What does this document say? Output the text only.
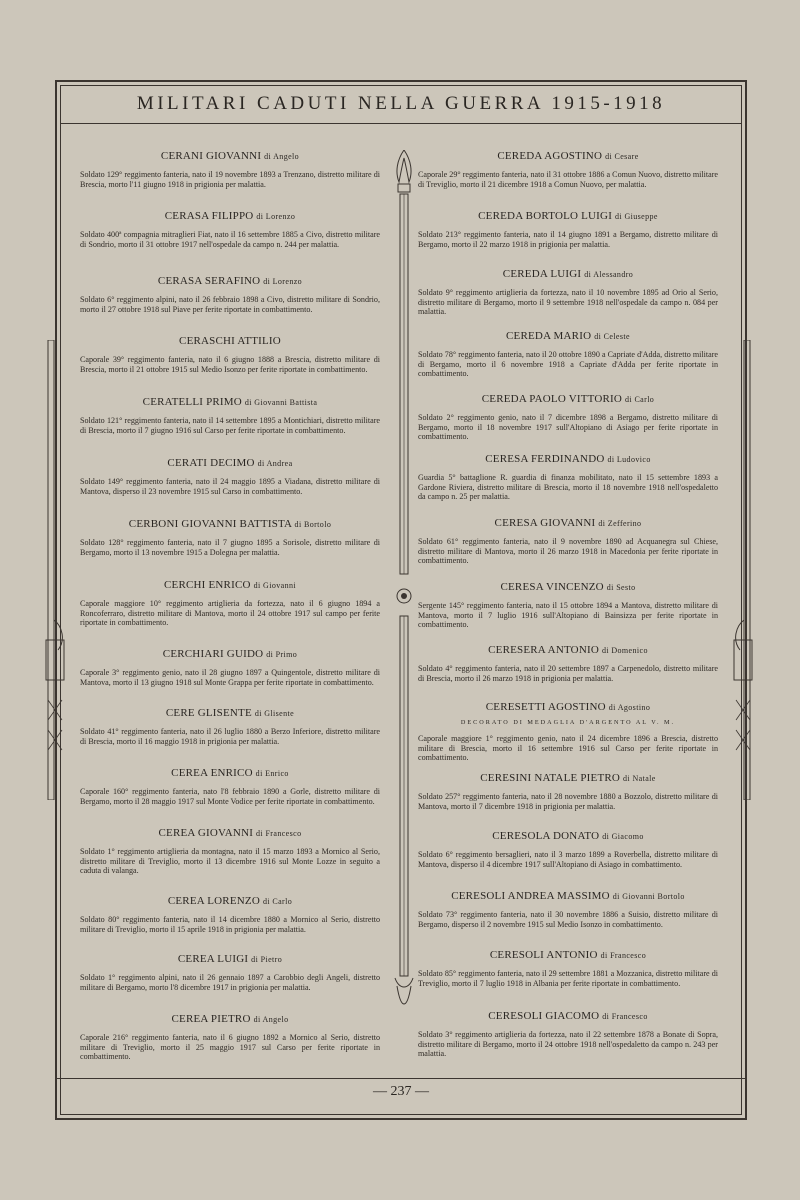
MILITARI CADUTI NELLA GUERRA 1915-1918
CERANI GIOVANNI di Angelo
Soldato 129° reggimento fanteria, nato il 19 novembre 1893 a Trenzano, distretto militare di Brescia, morto l'11 giugno 1918 in prigionia per malattia.
CERASA FILIPPO di Lorenzo
Soldato 400ª compagnia mitraglieri Fiat, nato il 16 settembre 1885 a Civo, distretto militare di Sondrio, morto il 31 ottobre 1917 nell'ospedale da campo n. 244 per malattia.
CERASA SERAFINO di Lorenzo
Soldato 6° reggimento alpini, nato il 26 febbraio 1898 a Civo, distretto militare di Sondrio, morto il 27 ottobre 1918 sul Piave per ferite riportate in combattimento.
CERASCHI ATTILIO
Caporale 39° reggimento fanteria, nato il 6 giugno 1888 a Brescia, distretto militare di Brescia, morto il 21 ottobre 1915 sul Medio Isonzo per ferite riportate in combattimento.
CERATELLI PRIMO di Giovanni Battista
Soldato 121° reggimento fanteria, nato il 14 settembre 1895 a Montichiari, distretto militare di Brescia, morto il 7 giugno 1916 sul Carso per ferite riportate in combattimento.
CERATI DECIMO di Andrea
Soldato 149° reggimento fanteria, nato il 24 maggio 1895 a Viadana, distretto militare di Mantova, disperso il 23 novembre 1915 sul Carso in combattimento.
CERBONI GIOVANNI BATTISTA di Bortolo
Soldato 128° reggimento fanteria, nato il 7 giugno 1895 a Sorisole, distretto militare di Bergamo, morto il 13 novembre 1915 a Dolegna per malattia.
CERCHI ENRICO di Giovanni
Caporale maggiore 10° reggimento artiglieria da fortezza, nato il 6 giugno 1894 a Roncoferraro, distretto militare di Mantova, morto il 24 ottobre 1917 sul campo per ferite riportate in combattimento.
CERCHIARI GUIDO di Primo
Caporale 3° reggimento genio, nato il 28 giugno 1897 a Quingentole, distretto militare di Mantova, morto il 13 giugno 1918 sul Monte Grappa per ferite riportate in combattimento.
CERE GLISENTE di Glisente
Soldato 41° reggimento fanteria, nato il 26 luglio 1880 a Berzo Inferiore, distretto militare di Brescia, morto il 16 maggio 1918 in prigionia per malattia.
CEREA ENRICO di Enrico
Caporale 160° reggimento fanteria, nato l'8 febbraio 1890 a Gorle, distretto militare di Bergamo, morto il 28 maggio 1917 sul Monte Vodice per ferite riportate in combattimento.
CEREA GIOVANNI di Francesco
Soldato 1° reggimento artiglieria da montagna, nato il 15 marzo 1893 a Mornico al Serio, distretto militare di Treviglio, morto il 13 dicembre 1916 sul Monte Lozze in seguito a caduta di valanga.
CEREA LORENZO di Carlo
Soldato 80° reggimento fanteria, nato il 14 dicembre 1880 a Mornico al Serio, distretto militare di Treviglio, morto il 15 aprile 1918 in prigionia per malattia.
CEREA LUIGI di Pietro
Soldato 1° reggimento alpini, nato il 26 gennaio 1897 a Carobbio degli Angeli, distretto militare di Bergamo, morto l'8 dicembre 1917 in prigionia per malattia.
CEREA PIETRO di Angelo
Caporale 216° reggimento fanteria, nato il 6 giugno 1892 a Mornico al Serio, distretto militare di Treviglio, morto il 25 maggio 1917 sul Carso per ferite riportate in combattimento.
CEREDA AGOSTINO di Cesare
Caporale 29° reggimento fanteria, nato il 31 ottobre 1886 a Comun Nuovo, distretto militare di Treviglio, morto il 21 dicembre 1918 a Comun Nuovo, per malattia.
CEREDA BORTOLO LUIGI di Giuseppe
Soldato 213° reggimento fanteria, nato il 14 giugno 1891 a Bergamo, distretto militare di Bergamo, morto il 22 marzo 1918 in prigionia per malattia.
CEREDA LUIGI di Alessandro
Soldato 9° reggimento artiglieria da fortezza, nato il 10 novembre 1895 ad Orio al Serio, distretto militare di Bergamo, morto il 9 settembre 1918 nell'ospedale da campo n. 084 per malattia.
CEREDA MARIO di Celeste
Soldato 78° reggimento fanteria, nato il 20 ottobre 1890 a Capriate d'Adda, distretto militare di Bergamo, morto il 6 novembre 1918 a Capriate d'Adda per ferite riportate in combattimento.
CEREDA PAOLO VITTORIO di Carlo
Soldato 2° reggimento genio, nato il 7 dicembre 1898 a Bergamo, distretto militare di Bergamo, morto il 18 novembre 1917 sull'Altopiano di Asiago per ferite riportate in combattimento.
CERESA FERDINANDO di Ludovico
Guardia 5° battaglione R. guardia di finanza mobilitato, nato il 15 settembre 1893 a Gardone Riviera, distretto militare di Brescia, morto il 18 novembre 1918 nell'ospedaletto da campo n. 25 per malattia.
CERESA GIOVANNI di Zefferino
Soldato 61° reggimento fanteria, nato il 9 novembre 1890 ad Acquanegra sul Chiese, distretto militare di Mantova, morto il 26 marzo 1918 in Macedonia per ferite riportate in combattimento.
CERESA VINCENZO di Sesto
Sergente 145° reggimento fanteria, nato il 15 ottobre 1894 a Mantova, distretto militare di Mantova, morto il 7 luglio 1916 sull'Altopiano di Bainsizza per ferite riportate in combattimento.
CERESERA ANTONIO di Domenico
Soldato 4° reggimento fanteria, nato il 20 settembre 1897 a Carpenedolo, distretto militare di Brescia, morto il 26 marzo 1918 in prigionia per malattia.
CERESETTI AGOSTINO di Agostino
DECORATO DI MEDAGLIA D'ARGENTO AL V. M.
Caporale maggiore 1° reggimento genio, nato il 24 dicembre 1896 a Brescia, distretto militare di Brescia, morto il 16 settembre 1916 sul Carso per ferite riportate in combattimento.
CERESINI NATALE PIETRO di Natale
Soldato 257° reggimento fanteria, nato il 28 novembre 1880 a Bozzolo, distretto militare di Mantova, morto il 7 dicembre 1918 in prigionia per malattia.
CERESOLA DONATO di Giacomo
Soldato 6° reggimento bersaglieri, nato il 3 marzo 1899 a Roverbella, distretto militare di Mantova, disperso il 4 dicembre 1917 sull'Altopiano di Asiago in combattimento.
CERESOLI ANDREA MASSIMO di Giovanni Bortolo
Soldato 73° reggimento fanteria, nato il 30 novembre 1886 a Suisio, distretto militare di Bergamo, disperso il 2 novembre 1915 sul Medio Isonzo in combattimento.
CERESOLI ANTONIO di Francesco
Soldato 85° reggimento fanteria, nato il 29 settembre 1881 a Mozzanica, distretto militare di Treviglio, morto il 7 luglio 1918 in Albania per ferite riportate in combattimento.
CERESOLI GIACOMO di Francesco
Soldato 3° reggimento artiglieria da fortezza, nato il 22 settembre 1878 a Bonate di Sopra, distretto militare di Bergamo, morto il 24 ottobre 1918 nell'ospedaletto da campo n. 243 per malattia.
— 237 —
